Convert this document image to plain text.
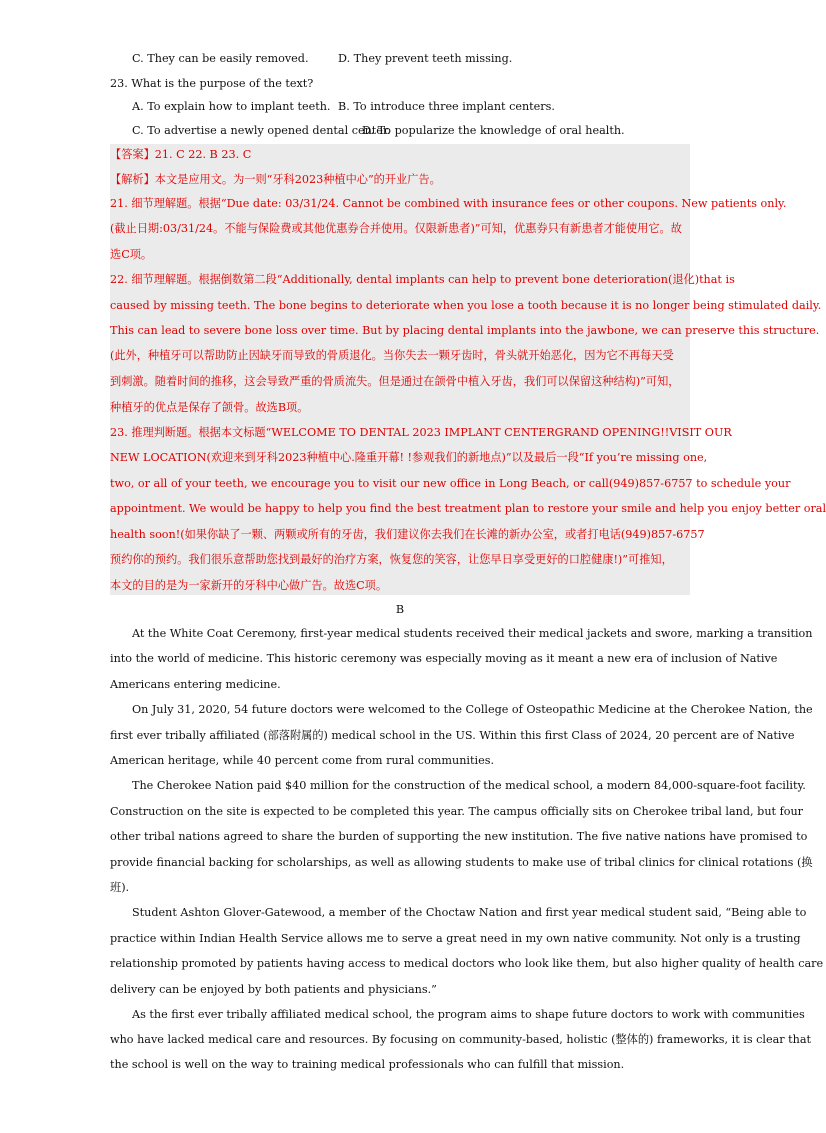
C. They can be easily removed.	D. They prevent teeth missing.
23. What is the purpose of the text?
A. To explain how to implant teeth. B. To introduce three implant centers.
C. To advertise a newly opened dental center.
D. To popularize the knowledge of oral health.
【答案】21. C 22. B 23. C
【解析】本文是应用文。为一则“牙科2023种植中心”的开业广告。
21. 细节理解题。根据“Due date: 03/31/24. Cannot be combined with insurance fees or other coupons. New patients only.
(截止日期:03/31/24。不能与保险费或其他优惠券合并使用。仅限新患者)”可知，优惠券只有新患者才能使用它。故
选C项。
22. 细节理解题。根据倒数第二段“Additionally, dental implants can help to prevent bone deterioration(退化)that is
caused by missing teeth. The bone begins to deteriorate when you lose a tooth because it is no longer being stimulated daily.
This can lead to severe bone loss over time. But by placing dental implants into the jawbone, we can preserve this structure.
(此外，种植牙可以帮助防止因缺牙而导致的骨质退化。当你失去一颗牙齿时，骨头就开始恶化，因为它不再每天受
到刺激。随着时间的推移，这会导致严重的骨质流失。但是通过在颌骨中植入牙齿，我们可以保留这种结构)”可知，
种植牙的优点是保存了颌骨。故选B项。
23. 推理判断题。根据本文标题“WELCOME TO DENTAL 2023 IMPLANT CENTERGRAND OPENING!!VISIT OUR
NEW LOCATION(欢迎来到牙科2023种植中心.隆重开幕! !参观我们的新地点)”以及最后一段“If you’re missing one,
two, or all of your teeth, we encourage you to visit our new office in Long Beach, or call(949)857-6757 to schedule your
appointment. We would be happy to help you find the best treatment plan to restore your smile and help you enjoy better oral
health soon!(如果你缺了一颗、两颗或所有的牙齿，我们建议你去我们在长滩的新办公室，或者打电话(949)857-6757
预约你的预约。我们很乐意帮助您找到最好的治疗方案，恢复您的笑容，让您早日享受更好的口腔健康!)”可推知，
本文的目的是为一家新开的牙科中心做广告。故选C项。
B
At the White Coat Ceremony, first-year medical students received their medical jackets and swore, marking a transition
into the world of medicine. This historic ceremony was especially moving as it meant a new era of inclusion of Native
Americans entering medicine.
On July 31, 2020, 54 future doctors were welcomed to the College of Osteopathic Medicine at the Cherokee Nation, the
first ever tribally affiliated (部落附属的) medical school in the US. Within this first Class of 2024, 20 percent are of Native
American heritage, while 40 percent come from rural communities.
The Cherokee Nation paid $40 million for the construction of the medical school, a modern 84,000-square-foot facility.
Construction on the site is expected to be completed this year. The campus officially sits on Cherokee tribal land, but four
other tribal nations agreed to share the burden of supporting the new institution. The five native nations have promised to
provide financial backing for scholarships, as well as allowing students to make use of tribal clinics for clinical rotations (换
班).
Student Ashton Glover-Gatewood, a member of the Choctaw Nation and first year medical student said, “Being able to
practice within Indian Health Service allows me to serve a great need in my own native community. Not only is a trusting
relationship promoted by patients having access to medical doctors who look like them, but also higher quality of health care
delivery can be enjoyed by both patients and physicians.”
As the first ever tribally affiliated medical school, the program aims to shape future doctors to work with communities
who have lacked medical care and resources. By focusing on community-based, holistic (整体的) frameworks, it is clear that
the school is well on the way to training medical professionals who can fulfill that mission.
